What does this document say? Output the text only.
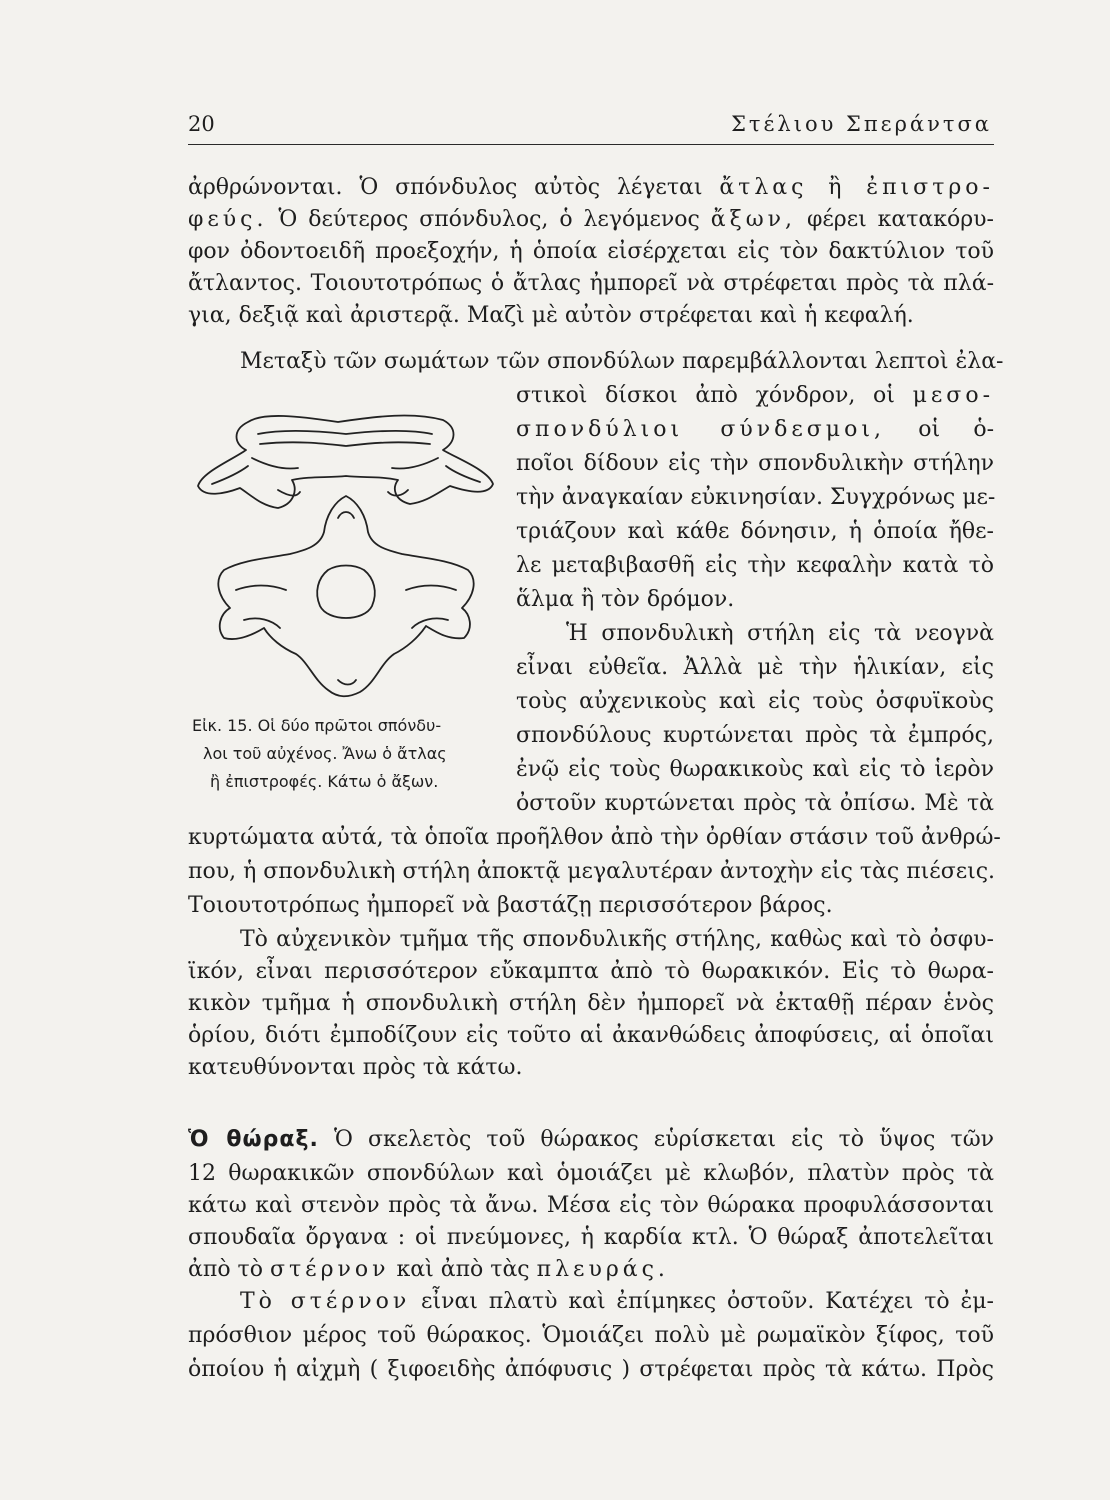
20	Στέλιου Σπεράντσα

ἀρθρώνονται. Ὁ σπόνδυλος αὐτὸς λέγεται ἄτλας ἢ ἐπιστρο-

φεύς. Ὁ δεύτερος σπόνδυλος, ὁ λεγόμενος ἄξων, φέρει κατακόρυ-

φον ὀδοντοειδῆ προεξοχήν, ἡ ὁποία εἰσέρχεται εἰς τὸν δακτύλιον τοῦ

ἄτλαντος. Τοιουτοτρόπως ὁ ἄτλας ἠμπορεῖ νὰ στρέφεται πρὸς τὰ πλά-

για, δεξιᾷ καὶ ἀριστερᾷ. Μαζὶ μὲ αὐτὸν στρέφεται καὶ ἡ κεφαλή.

Μεταξὺ τῶν σωμάτων τῶν σπονδύλων παρεμβάλλονται λεπτοὶ ἐλα-

στικοὶ δίσκοι ἀπὸ χόνδρον, οἱ μεσο-

σπονδύλιοι σύνδεσμοι, οἱ ὁ-

ποῖοι δίδουν εἰς τὴν σπονδυλικὴν στήλην

τὴν ἀναγκαίαν εὐκινησίαν. Συγχρόνως με-

τριάζουν καὶ κάθε δόνησιν, ἡ ὁποία ἤθε-

λε μεταβιβασθῆ εἰς τὴν κεφαλὴν κατὰ τὸ

ἅλμα ἢ τὸν δρόμον.

Ἡ σπονδυλικὴ στήλη εἰς τὰ νεογνὰ

εἶναι εὐθεῖα. Ἀλλὰ μὲ τὴν ἡλικίαν, εἰς

τοὺς αὐχενικοὺς καὶ εἰς τοὺς ὀσφυϊκοὺς

σπονδύλους κυρτώνεται πρὸς τὰ ἐμπρός,

ἐνῷ εἰς τοὺς θωρακικοὺς καὶ εἰς τὸ ἱερὸν

ὀστοῦν κυρτώνεται πρὸς τὰ ὀπίσω. Μὲ τὰ

κυρτώματα αὐτά, τὰ ὁποῖα προῆλθον ἀπὸ τὴν ὀρθίαν στάσιν τοῦ ἀνθρώ-

που, ἡ σπονδυλικὴ στήλη ἀποκτᾷ μεγαλυτέραν ἀντοχὴν εἰς τὰς πιέσεις.

Τοιουτοτρόπως ἠμπορεῖ νὰ βαστάζῃ περισσότερον βάρος.

Τὸ αὐχενικὸν τμῆμα τῆς σπονδυλικῆς στήλης, καθὼς καὶ τὸ ὀσφυ-

ϊκόν, εἶναι περισσότερον εὔκαμπτα ἀπὸ τὸ θωρακικόν. Εἰς τὸ θωρα-

κικὸν τμῆμα ἡ σπονδυλικὴ στήλη δὲν ἠμπορεῖ νὰ ἐκταθῇ πέραν ἑνὸς

ὁρίου, διότι ἐμποδίζουν εἰς τοῦτο αἱ ἀκανθώδεις ἀποφύσεις, αἱ ὁποῖαι

κατευθύνονται πρὸς τὰ κάτω.

Ὁ θώραξ. Ὁ σκελετὸς τοῦ θώρακος εὑρίσκεται εἰς τὸ ὕψος τῶν

12 θωρακικῶν σπονδύλων καὶ ὁμοιάζει μὲ κλωβόν, πλατὺν πρὸς τὰ

κάτω καὶ στενὸν πρὸς τὰ ἄνω. Μέσα εἰς τὸν θώρακα προφυλάσσονται

σπουδαῖα ὄργανα : οἱ πνεύμονες, ἡ καρδία κτλ. Ὁ θώραξ ἀποτελεῖται

ἀπὸ τὸ στέρνον καὶ ἀπὸ τὰς πλευράς.

Τὸ στέρνον εἶναι πλατὺ καὶ ἐπίμηκες ὀστοῦν. Κατέχει τὸ ἐμ-

πρόσθιον μέρος τοῦ θώρακος. Ὁμοιάζει πολὺ μὲ ρωμαϊκὸν ξίφος, τοῦ

ὁποίου ἡ αἰχμὴ ( ξιφοειδὴς ἀπόφυσις ) στρέφεται πρὸς τὰ κάτω. Πρὸς

Εἰκ. 15. Οἱ δύο πρῶτοι σπόνδυ-
λοι τοῦ αὐχένος. Ἄνω ὁ ἄτλας
ἢ ἐπιστροφές. Κάτω ὁ ἄξων.
